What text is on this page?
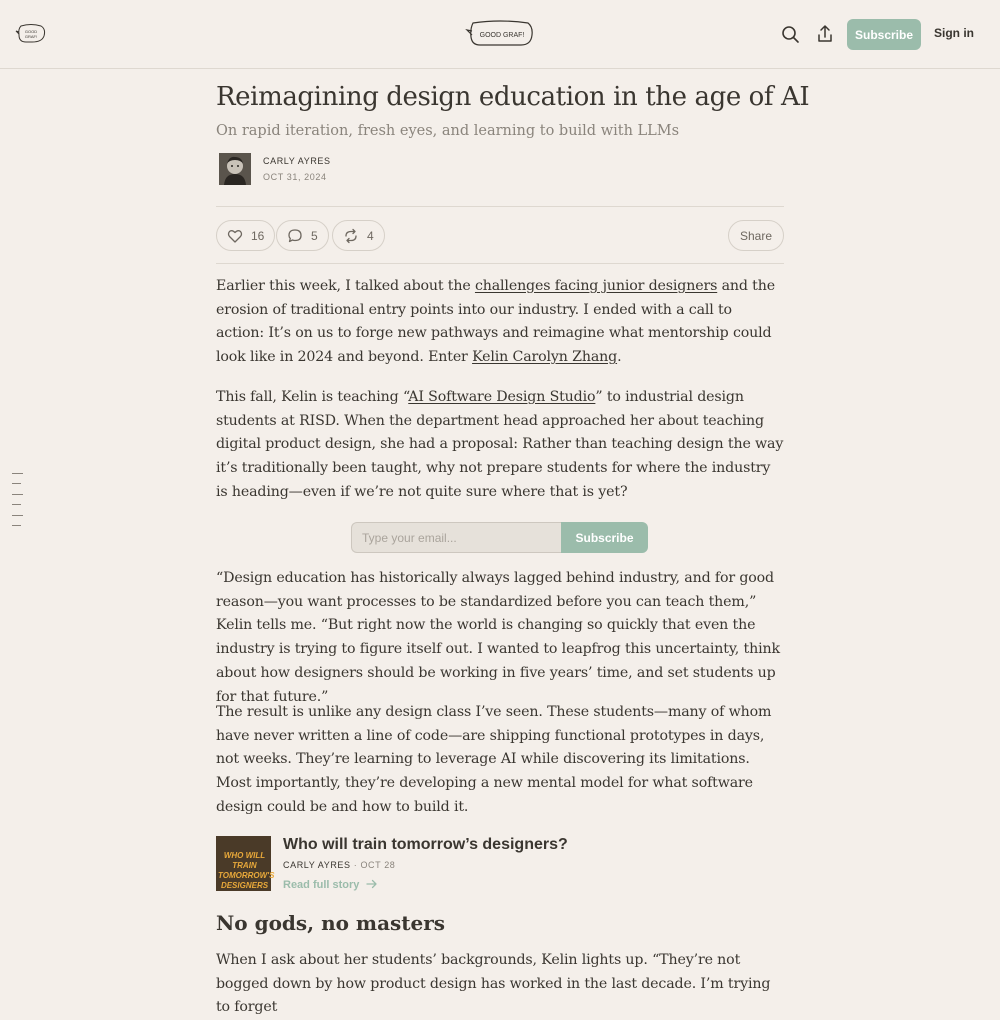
GOOD
GRAF!	GOOD GRAF!	Subscribe	Sign in
Reimagining design education in the age of AI
On rapid iteration, fresh eyes, and learning to build with LLMs
CARLY AYRES
OCT 31, 2024
16	5	4	Share

Earlier this week, I talked about the challenges facing junior designers and the erosion of traditional entry points into our industry. I ended with a call to action: It’s on us to forge new pathways and reimagine what mentorship could look like in 2024 and beyond. Enter Kelin Carolyn Zhang.

This fall, Kelin is teaching “AI Software Design Studio” to industrial design students at RISD. When the department head approached her about teaching digital product design, she had a proposal: Rather than teaching design the way it’s traditionally been taught, why not prepare students for where the industry is heading—even if we’re not quite sure where that is yet?

Type your email...
Subscribe

“Design education has historically always lagged behind industry, and for good reason—you want processes to be standardized before you can teach them,” Kelin tells me. “But right now the world is changing so quickly that even the industry is trying to figure itself out. I wanted to leapfrog this uncertainty, think about how designers should be working in five years’ time, and set students up for that future.”

The result is unlike any design class I’ve seen. These students—many of whom have never written a line of code—are shipping functional prototypes in days, not weeks. They’re learning to leverage AI while discovering its limitations. Most importantly, they’re developing a new mental model for what software design could be and how to build it.

WHO WILL TRAIN TOMORROW'S DESIGNERS
Who will train tomorrow’s designers?
CARLY AYRES · OCT 28
Read full story
No gods, no masters

When I ask about her students’ backgrounds, Kelin lights up. “They’re not bogged down by how product design has worked in the last decade. I’m trying to forget
